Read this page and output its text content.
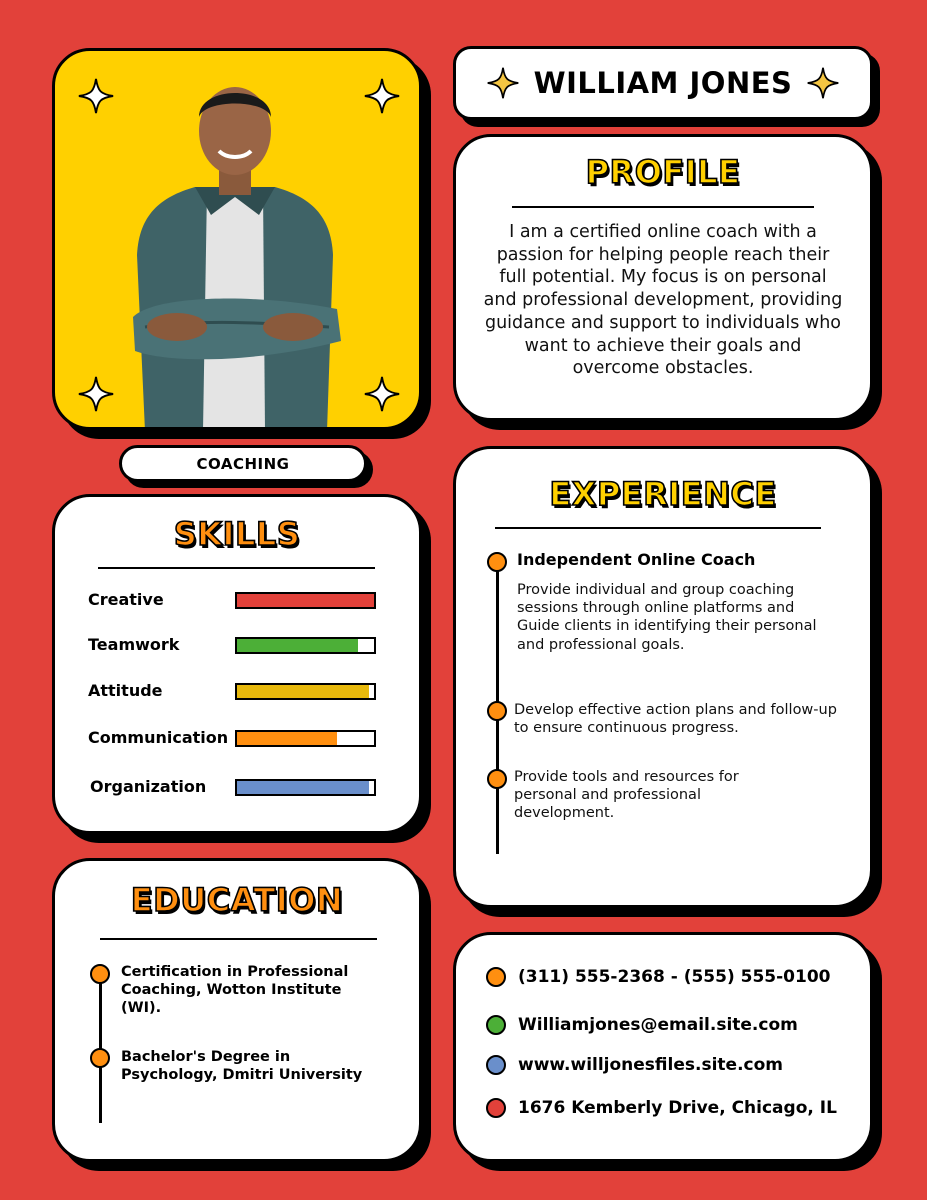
COACHING
WILLIAM JONES
PROFILE
I am a certified online coach with a passion for helping people reach their full potential. My focus is on personal and professional development, providing guidance and support to individuals who want to achieve their goals and overcome obstacles.
SKILLS
Creative
Teamwork
Attitude
Communication
Organization
EDUCATION
Certification in Professional Coaching, Wotton Institute (WI).
Bachelor's Degree in Psychology, Dmitri University
EXPERIENCE
Independent Online Coach
Provide individual and group coaching sessions through online platforms and Guide clients in identifying their personal and professional goals.
Develop effective action plans and follow-up to ensure continuous progress.
Provide tools and resources for personal and professional development.
(311) 555-2368 - (555) 555-0100
Williamjones@email.site.com
www.willjonesfiles.site.com
1676 Kemberly Drive, Chicago, IL
